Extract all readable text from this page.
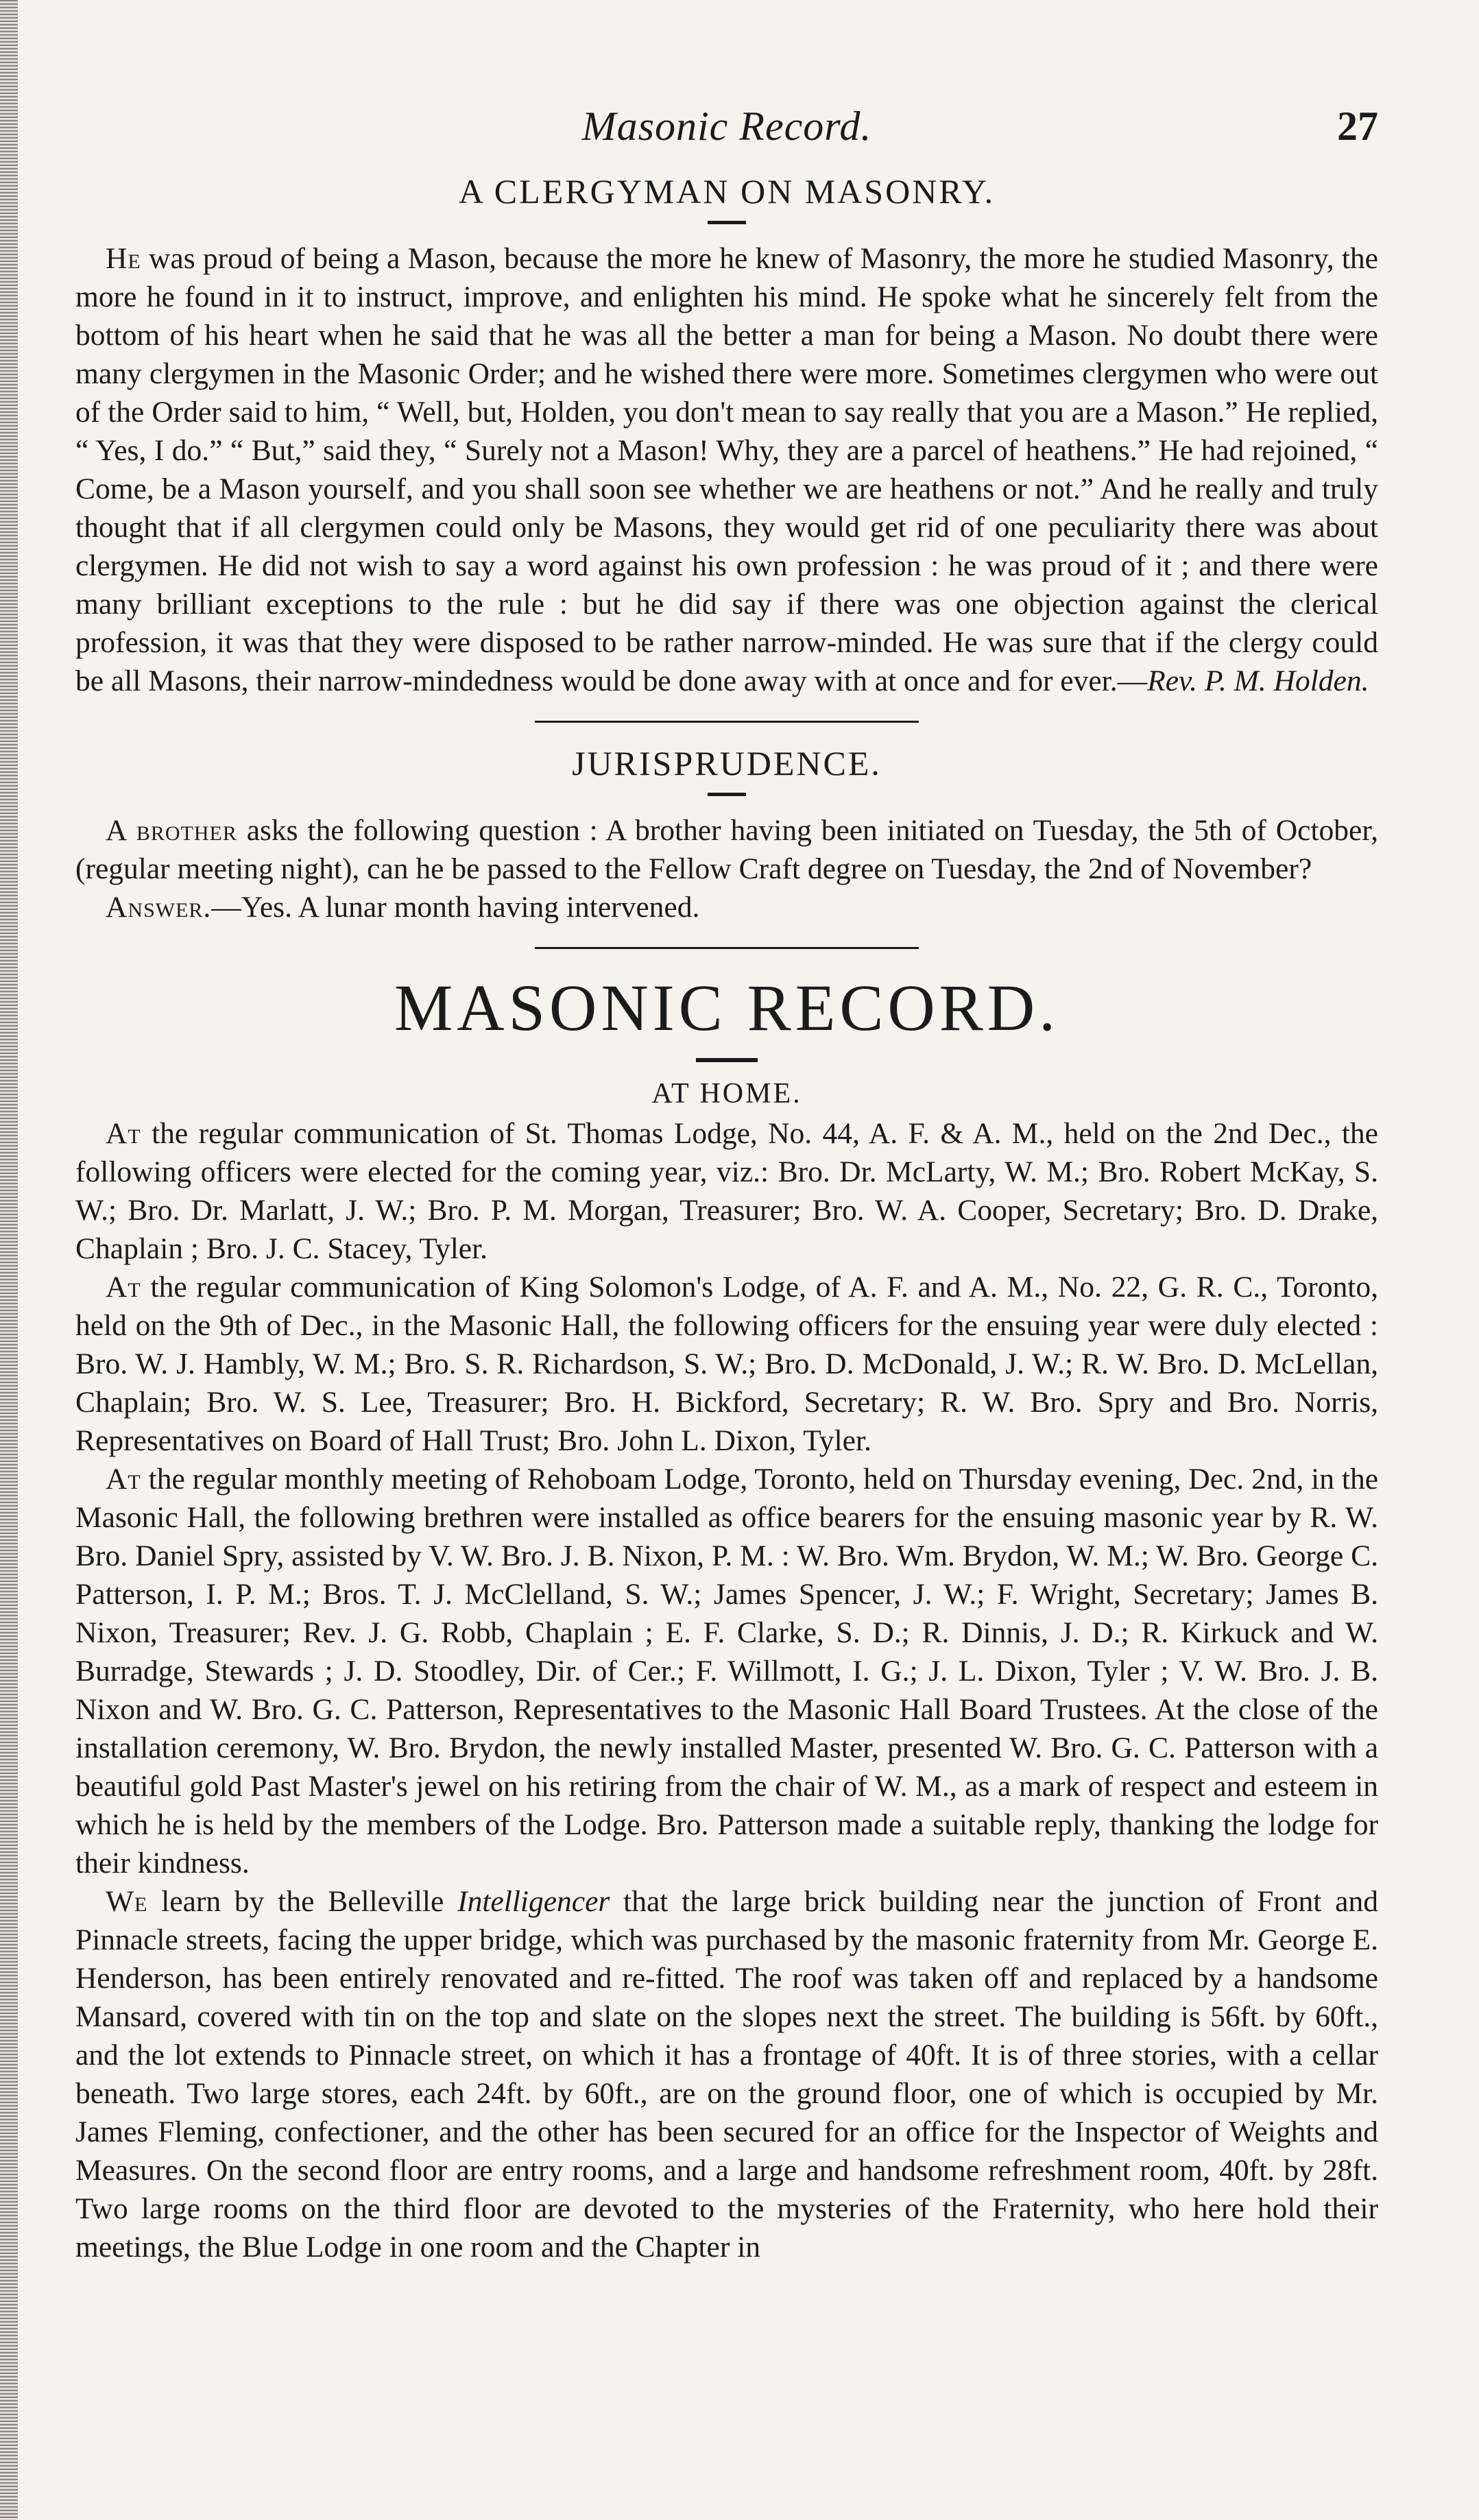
Masonic Record.	27
A CLERGYMAN ON MASONRY.

He was proud of being a Mason, because the more he knew of Masonry, the more he studied Masonry, the more he found in it to instruct, improve, and enlighten his mind. He spoke what he sincerely felt from the bottom of his heart when he said that he was all the better a man for being a Mason. No doubt there were many clergymen in the Masonic Order; and he wished there were more. Sometimes clergymen who were out of the Order said to him, “ Well, but, Holden, you don't mean to say really that you are a Mason.” He replied, “ Yes, I do.” “ But,” said they, “ Surely not a Mason! Why, they are a parcel of heathens.” He had rejoined, “ Come, be a Mason yourself, and you shall soon see whether we are heathens or not.” And he really and truly thought that if all clergymen could only be Masons, they would get rid of one peculiarity there was about clergymen. He did not wish to say a word against his own profession : he was proud of it ; and there were many brilliant exceptions to the rule : but he did say if there was one objection against the clerical profession, it was that they were disposed to be rather narrow-minded. He was sure that if the clergy could be all Masons, their narrow-mindedness would be done away with at once and for ever.—Rev. P. M. Holden.

JURISPRUDENCE.

A brother asks the following question : A brother having been initiated on Tuesday, the 5th of October, (regular meeting night), can he be passed to the Fellow Craft degree on Tuesday, the 2nd of November?

Answer.—Yes. A lunar month having intervened.

MASONIC RECORD.
AT HOME.

At the regular communication of St. Thomas Lodge, No. 44, A. F. & A. M., held on the 2nd Dec., the following officers were elected for the coming year, viz.: Bro. Dr. McLarty, W. M.; Bro. Robert McKay, S. W.; Bro. Dr. Marlatt, J. W.; Bro. P. M. Morgan, Treasurer; Bro. W. A. Cooper, Secretary; Bro. D. Drake, Chaplain ; Bro. J. C. Stacey, Tyler.

At the regular communication of King Solomon's Lodge, of A. F. and A. M., No. 22, G. R. C., Toronto, held on the 9th of Dec., in the Masonic Hall, the following officers for the ensuing year were duly elected : Bro. W. J. Hambly, W. M.; Bro. S. R. Richardson, S. W.; Bro. D. McDonald, J. W.; R. W. Bro. D. McLellan, Chaplain; Bro. W. S. Lee, Treasurer; Bro. H. Bickford, Secretary; R. W. Bro. Spry and Bro. Norris, Representatives on Board of Hall Trust; Bro. John L. Dixon, Tyler.

At the regular monthly meeting of Rehoboam Lodge, Toronto, held on Thursday evening, Dec. 2nd, in the Masonic Hall, the following brethren were installed as office bearers for the ensuing masonic year by R. W. Bro. Daniel Spry, assisted by V. W. Bro. J. B. Nixon, P. M. : W. Bro. Wm. Brydon, W. M.; W. Bro. George C. Patterson, I. P. M.; Bros. T. J. McClelland, S. W.; James Spencer, J. W.; F. Wright, Secretary; James B. Nixon, Treasurer; Rev. J. G. Robb, Chaplain ; E. F. Clarke, S. D.; R. Dinnis, J. D.; R. Kirkuck and W. Burradge, Stewards ; J. D. Stoodley, Dir. of Cer.; F. Willmott, I. G.; J. L. Dixon, Tyler ; V. W. Bro. J. B. Nixon and W. Bro. G. C. Patterson, Representatives to the Masonic Hall Board Trustees. At the close of the installation ceremony, W. Bro. Brydon, the newly installed Master, presented W. Bro. G. C. Patterson with a beautiful gold Past Master's jewel on his retiring from the chair of W. M., as a mark of respect and esteem in which he is held by the members of the Lodge. Bro. Patterson made a suitable reply, thanking the lodge for their kindness.

We learn by the Belleville Intelligencer that the large brick building near the junction of Front and Pinnacle streets, facing the upper bridge, which was purchased by the masonic fraternity from Mr. George E. Henderson, has been entirely renovated and re-fitted. The roof was taken off and replaced by a handsome Mansard, covered with tin on the top and slate on the slopes next the street. The building is 56ft. by 60ft., and the lot extends to Pinnacle street, on which it has a frontage of 40ft. It is of three stories, with a cellar beneath. Two large stores, each 24ft. by 60ft., are on the ground floor, one of which is occupied by Mr. James Fleming, confectioner, and the other has been secured for an office for the Inspector of Weights and Measures. On the second floor are entry rooms, and a large and handsome refreshment room, 40ft. by 28ft. Two large rooms on the third floor are devoted to the mysteries of the Fraternity, who here hold their meetings, the Blue Lodge in one room and the Chapter in
